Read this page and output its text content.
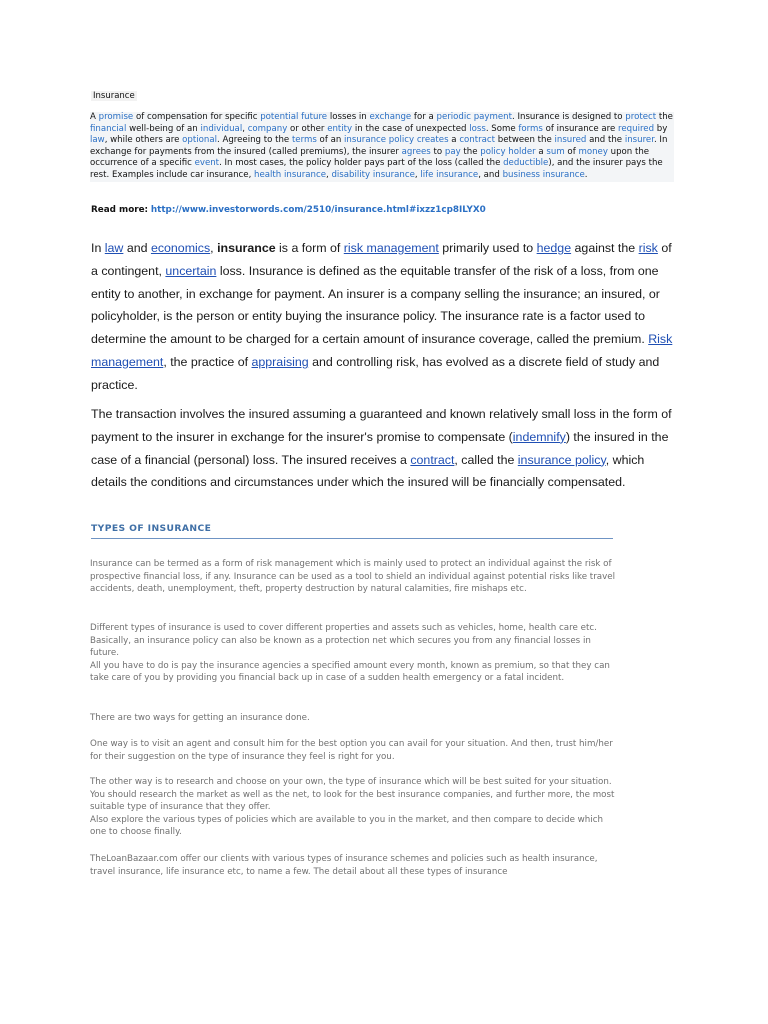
Insurance

A promise of compensation for specific potential future losses in exchange for a periodic payment. Insurance is designed to protect the financial well-being of an individual, company or other entity in the case of unexpected loss. Some forms of insurance are required by law, while others are optional. Agreeing to the terms of an insurance policy creates a contract between the insured and the insurer. In exchange for payments from the insured (called premiums), the insurer agrees to pay the policy holder a sum of money upon the occurrence of a specific event. In most cases, the policy holder pays part of the loss (called the deductible), and the insurer pays the rest. Examples include car insurance, health insurance, disability insurance, life insurance, and business insurance.

Read more: http://www.investorwords.com/2510/insurance.html#ixzz1cp8ILYX0

In law and economics, insurance is a form of risk management primarily used to hedge against the risk of a contingent, uncertain loss. Insurance is defined as the equitable transfer of the risk of a loss, from one entity to another, in exchange for payment. An insurer is a company selling the insurance; an insured, or policyholder, is the person or entity buying the insurance policy. The insurance rate is a factor used to determine the amount to be charged for a certain amount of insurance coverage, called the premium. Risk management, the practice of appraising and controlling risk, has evolved as a discrete field of study and practice.

The transaction involves the insured assuming a guaranteed and known relatively small loss in the form of payment to the insurer in exchange for the insurer's promise to compensate (indemnify) the insured in the case of a financial (personal) loss. The insured receives a contract, called the insurance policy, which details the conditions and circumstances under which the insured will be financially compensated.

TYPES OF INSURANCE

Insurance can be termed as a form of risk management which is mainly used to protect an individual against the risk of prospective financial loss, if any. Insurance can be used as a tool to shield an individual against potential risks like travel accidents, death, unemployment, theft, property destruction by natural calamities, fire mishaps etc.

Different types of insurance is used to cover different properties and assets such as vehicles, home, health care etc. Basically, an insurance policy can also be known as a protection net which secures you from any financial losses in future.
All you have to do is pay the insurance agencies a specified amount every month, known as premium, so that they can take care of you by providing you financial back up in case of a sudden health emergency or a fatal incident.

There are two ways for getting an insurance done.

One way is to visit an agent and consult him for the best option you can avail for your situation. And then, trust him/her for their suggestion on the type of insurance they feel is right for you.

The other way is to research and choose on your own, the type of insurance which will be best suited for your situation. You should research the market as well as the net, to look for the best insurance companies, and further more, the most suitable type of insurance that they offer.
Also explore the various types of policies which are available to you in the market, and then compare to decide which one to choose finally.

TheLoanBazaar.com offer our clients with various types of insurance schemes and policies such as health insurance, travel insurance, life insurance etc, to name a few. The detail about all these types of insurance
